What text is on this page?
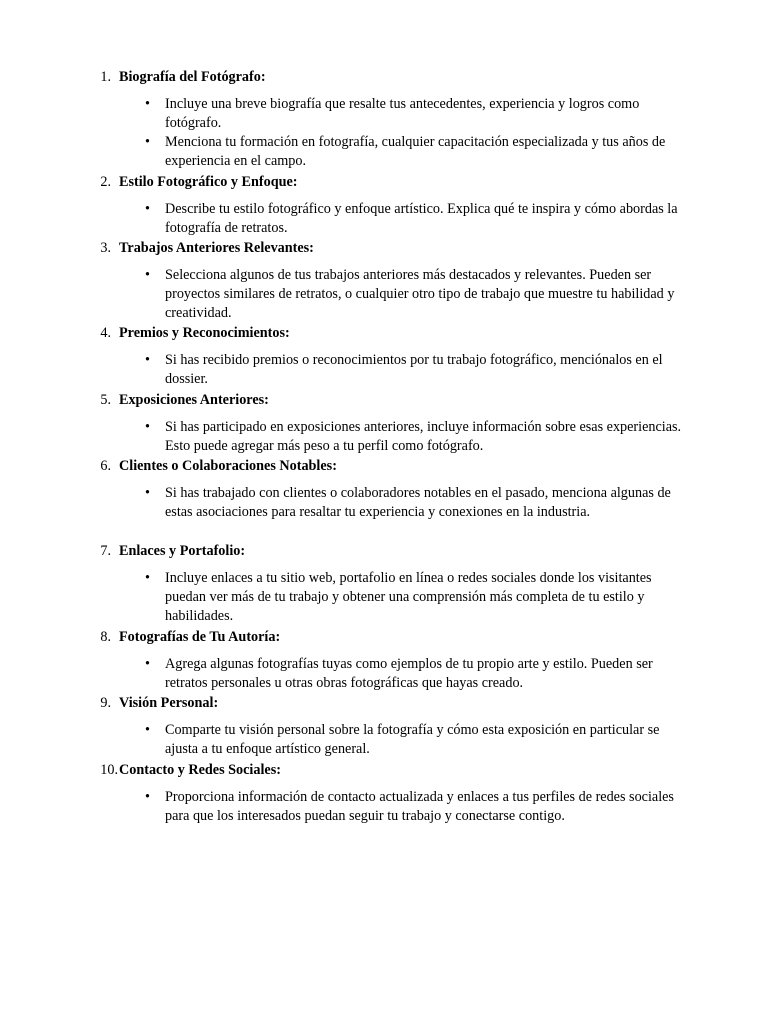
1. Biografía del Fotógrafo:
• Incluye una breve biografía que resalte tus antecedentes, experiencia y logros como fotógrafo.
• Menciona tu formación en fotografía, cualquier capacitación especializada y tus años de experiencia en el campo.
2. Estilo Fotográfico y Enfoque:
• Describe tu estilo fotográfico y enfoque artístico. Explica qué te inspira y cómo abordas la fotografía de retratos.
3. Trabajos Anteriores Relevantes:
• Selecciona algunos de tus trabajos anteriores más destacados y relevantes. Pueden ser proyectos similares de retratos, o cualquier otro tipo de trabajo que muestre tu habilidad y creatividad.
4. Premios y Reconocimientos:
• Si has recibido premios o reconocimientos por tu trabajo fotográfico, menciónalos en el dossier.
5. Exposiciones Anteriores:
• Si has participado en exposiciones anteriores, incluye información sobre esas experiencias. Esto puede agregar más peso a tu perfil como fotógrafo.
6. Clientes o Colaboraciones Notables:
• Si has trabajado con clientes o colaboradores notables en el pasado, menciona algunas de estas asociaciones para resaltar tu experiencia y conexiones en la industria.
7. Enlaces y Portafolio:
• Incluye enlaces a tu sitio web, portafolio en línea o redes sociales donde los visitantes puedan ver más de tu trabajo y obtener una comprensión más completa de tu estilo y habilidades.
8. Fotografías de Tu Autoría:
• Agrega algunas fotografías tuyas como ejemplos de tu propio arte y estilo. Pueden ser retratos personales u otras obras fotográficas que hayas creado.
9. Visión Personal:
• Comparte tu visión personal sobre la fotografía y cómo esta exposición en particular se ajusta a tu enfoque artístico general.
10. Contacto y Redes Sociales:
• Proporciona información de contacto actualizada y enlaces a tus perfiles de redes sociales para que los interesados puedan seguir tu trabajo y conectarse contigo.
